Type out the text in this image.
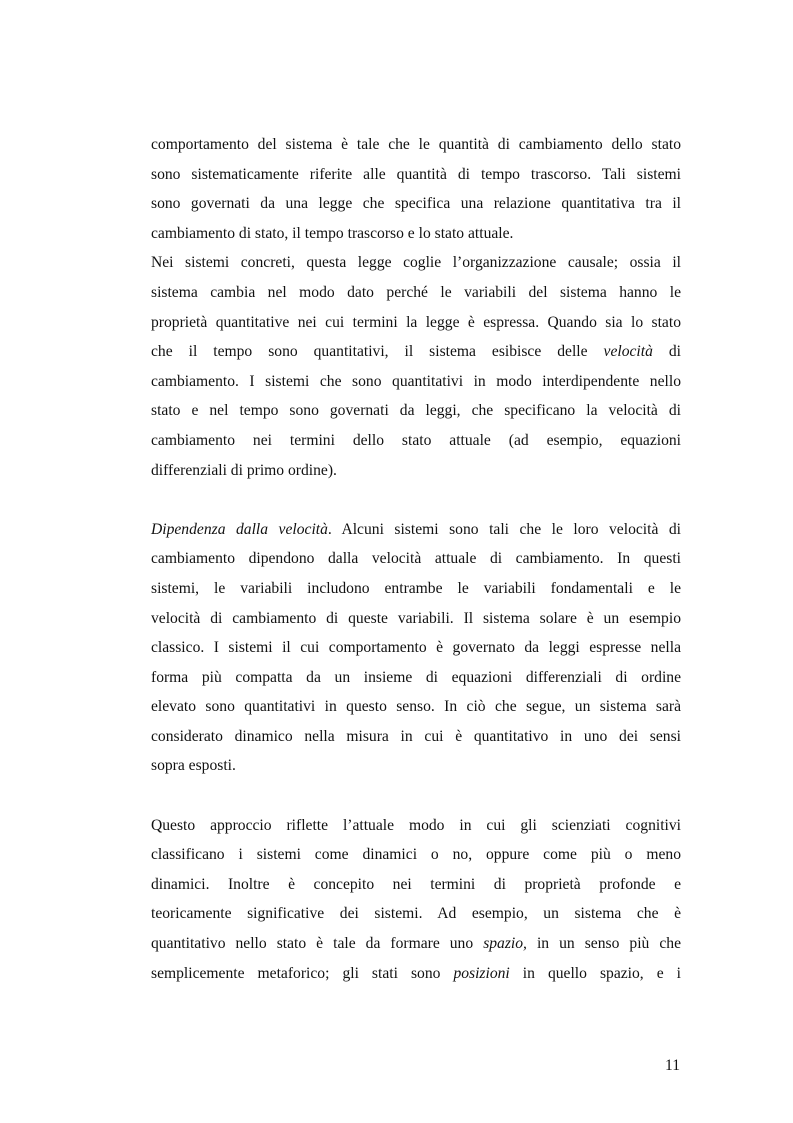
comportamento del sistema è tale che le quantità di cambiamento dello stato
sono sistematicamente riferite alle quantità di tempo trascorso. Tali sistemi
sono governati da una legge che specifica una relazione quantitativa tra il
cambiamento di stato, il tempo trascorso e lo stato attuale.
Nei sistemi concreti, questa legge coglie l’organizzazione causale; ossia il
sistema cambia nel modo dato perché le variabili del sistema hanno le
proprietà quantitative nei cui termini la legge è espressa. Quando sia lo stato
che il tempo sono quantitativi, il sistema esibisce delle velocità di
cambiamento. I sistemi che sono quantitativi in modo interdipendente nello
stato e nel tempo sono governati da leggi, che specificano la velocità di
cambiamento nei termini dello stato attuale (ad esempio, equazioni
differenziali di primo ordine).
Dipendenza dalla velocità. Alcuni sistemi sono tali che le loro velocità di
cambiamento dipendono dalla velocità attuale di cambiamento. In questi
sistemi, le variabili includono entrambe le variabili fondamentali e le
velocità di cambiamento di queste variabili. Il sistema solare è un esempio
classico. I sistemi il cui comportamento è governato da leggi espresse nella
forma più compatta da un insieme di equazioni differenziali di ordine
elevato sono quantitativi in questo senso. In ciò che segue, un sistema sarà
considerato dinamico nella misura in cui è quantitativo in uno dei sensi
sopra esposti.
Questo approccio riflette l’attuale modo in cui gli scienziati cognitivi
classificano i sistemi come dinamici o no, oppure come più o meno
dinamici. Inoltre è concepito nei termini di proprietà profonde e
teoricamente significative dei sistemi. Ad esempio, un sistema che è
quantitativo nello stato è tale da formare uno spazio, in un senso più che
semplicemente metaforico; gli stati sono posizioni in quello spazio, e i
11
